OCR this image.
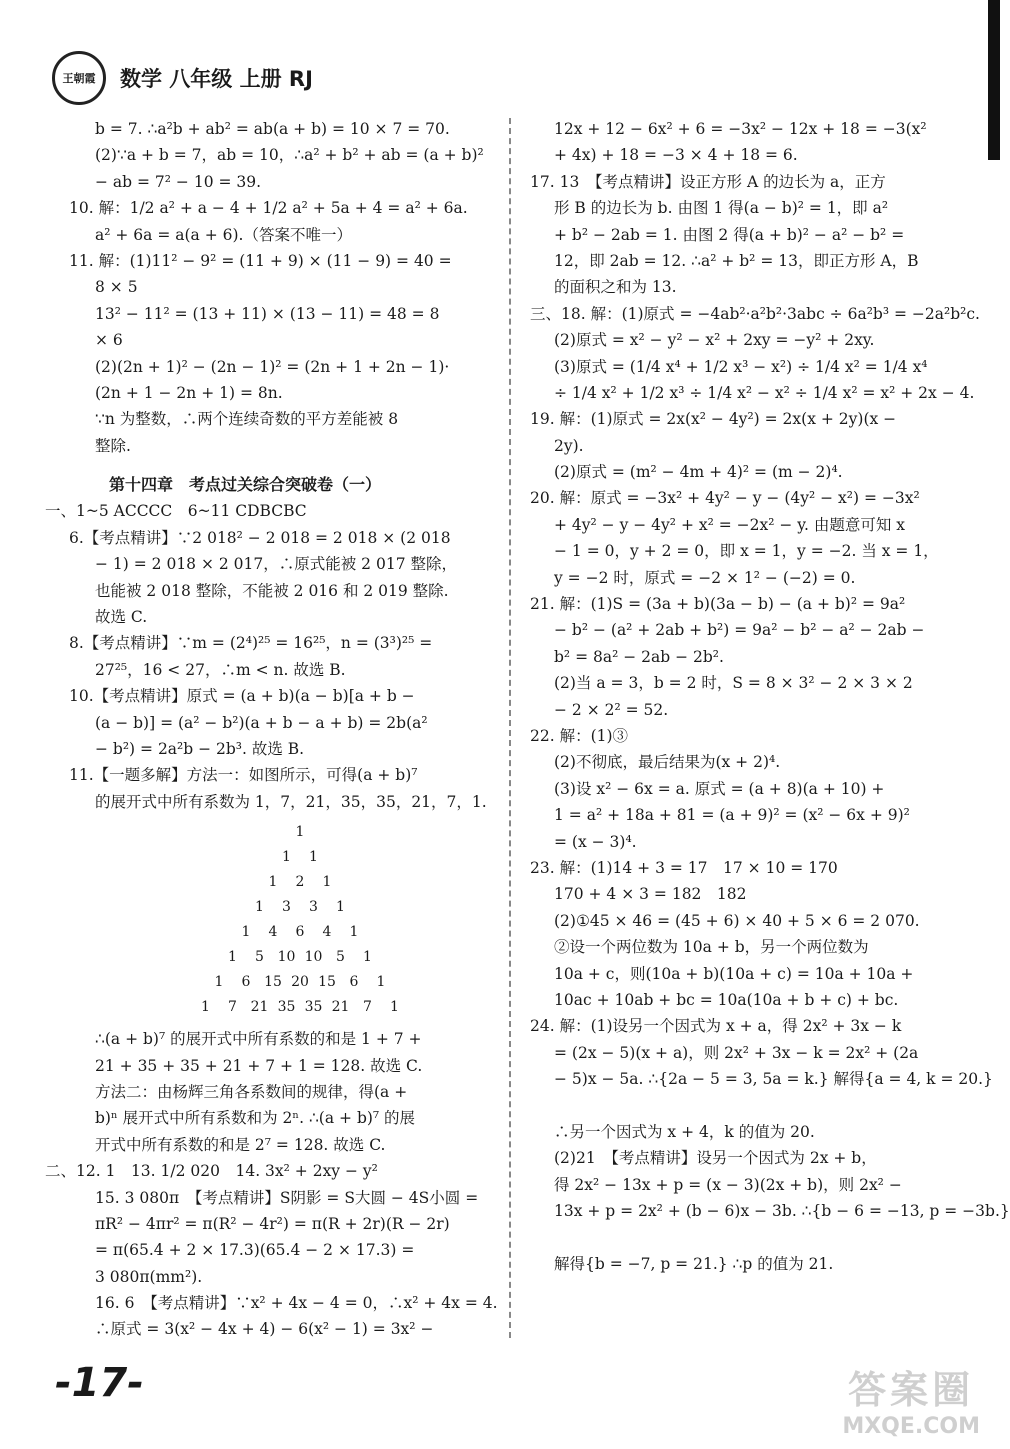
王朝霞	数学 八年级 上册 RJ
b = 7. ∴a²b + ab² = ab(a + b) = 10 × 7 = 70.
(2)∵a + b = 7，ab = 10，∴a² + b² + ab = (a + b)²
− ab = 7² − 10 = 39.
10. 解：1/2 a² + a − 4 + 1/2 a² + 5a + 4 = a² + 6a.
a² + 6a = a(a + 6).（答案不唯一）
11. 解：(1)11² − 9² = (11 + 9) × (11 − 9) = 40 =
8 × 5
13² − 11² = (13 + 11) × (13 − 11) = 48 = 8
× 6
(2)(2n + 1)² − (2n − 1)² = (2n + 1 + 2n − 1)·
(2n + 1 − 2n + 1) = 8n.
∵n 为整数，∴两个连续奇数的平方差能被 8
整除.
第十四章　考点过关综合突破卷（一）
一、1~5 ACCCC　6~11 CDBCBC
6.【考点精讲】∵2 018² − 2 018 = 2 018 × (2 018
− 1) = 2 018 × 2 017，∴原式能被 2 017 整除，
也能被 2 018 整除，不能被 2 016 和 2 019 整除.
故选 C.
8.【考点精讲】∵m = (2⁴)²⁵ = 16²⁵，n = (3³)²⁵ =
27²⁵，16 < 27，∴m < n. 故选 B.
10.【考点精讲】原式 = (a + b)(a − b)[a + b −
(a − b)] = (a² − b²)(a + b − a + b) = 2b(a²
− b²) = 2a²b − 2b³. 故选 B.
11.【一题多解】方法一：如图所示，可得(a + b)⁷
的展开式中所有系数为 1，7，21，35，35，21，7，1.
1
1 1
1 2 1
1 3 3 1
1 4 6 4 1
1 5 10 10 5 1
1 6 15 20 15 6 1
1 7 21 35 35 21 7 1
∴(a + b)⁷ 的展开式中所有系数的和是 1 + 7 +
21 + 35 + 35 + 21 + 7 + 1 = 128. 故选 C.
方法二：由杨辉三角各系数间的规律，得(a +
b)ⁿ 展开式中所有系数和为 2ⁿ. ∴(a + b)⁷ 的展
开式中所有系数的和是 2⁷ = 128. 故选 C.
二、12. 1　13. 1/2 020　14. 3x² + 2xy − y²
15. 3 080π　【考点精讲】S阴影 = S大圆 − 4S小圆 =
πR² − 4πr² = π(R² − 4r²) = π(R + 2r)(R − 2r)
= π(65.4 + 2 × 17.3)(65.4 − 2 × 17.3) =
3 080π(mm²).
16. 6　【考点精讲】∵x² + 4x − 4 = 0，∴x² + 4x = 4.
∴原式 = 3(x² − 4x + 4) − 6(x² − 1) = 3x² −
12x + 12 − 6x² + 6 = −3x² − 12x + 18 = −3(x²
+ 4x) + 18 = −3 × 4 + 18 = 6.
17. 13　【考点精讲】设正方形 A 的边长为 a，正方
形 B 的边长为 b. 由图 1 得(a − b)² = 1，即 a²
+ b² − 2ab = 1. 由图 2 得(a + b)² − a² − b² =
12，即 2ab = 12. ∴a² + b² = 13，即正方形 A，B
的面积之和为 13.
三、18. 解：(1)原式 = −4ab²·a²b²·3abc ÷ 6a²b³ = −2a²b²c.
(2)原式 = x² − y² − x² + 2xy = −y² + 2xy.
(3)原式 = (1/4 x⁴ + 1/2 x³ − x²) ÷ 1/4 x² = 1/4 x⁴
÷ 1/4 x² + 1/2 x³ ÷ 1/4 x² − x² ÷ 1/4 x² = x² + 2x − 4.
19. 解：(1)原式 = 2x(x² − 4y²) = 2x(x + 2y)(x −
2y).
(2)原式 = (m² − 4m + 4)² = (m − 2)⁴.
20. 解：原式 = −3x² + 4y² − y − (4y² − x²) = −3x²
+ 4y² − y − 4y² + x² = −2x² − y. 由题意可知 x
− 1 = 0，y + 2 = 0，即 x = 1，y = −2. 当 x = 1，
y = −2 时，原式 = −2 × 1² − (−2) = 0.
21. 解：(1)S = (3a + b)(3a − b) − (a + b)² = 9a²
− b² − (a² + 2ab + b²) = 9a² − b² − a² − 2ab −
b² = 8a² − 2ab − 2b².
(2)当 a = 3，b = 2 时，S = 8 × 3² − 2 × 3 × 2
− 2 × 2² = 52.
22. 解：(1)③
(2)不彻底，最后结果为(x + 2)⁴.
(3)设 x² − 6x = a. 原式 = (a + 8)(a + 10) +
1 = a² + 18a + 81 = (a + 9)² = (x² − 6x + 9)²
= (x − 3)⁴.
23. 解：(1)14 + 3 = 17　17 × 10 = 170
170 + 4 × 3 = 182　182
(2)①45 × 46 = (45 + 6) × 40 + 5 × 6 = 2 070.
②设一个两位数为 10a + b，另一个两位数为
10a + c，则(10a + b)(10a + c) = 10a + 10a +
10ac + 10ab + bc = 10a(10a + b + c) + bc.
24. 解：(1)设另一个因式为 x + a，得 2x² + 3x − k
= (2x − 5)(x + a)，则 2x² + 3x − k = 2x² + (2a
− 5)x − 5a. ∴{2a − 5 = 3, 5a = k.} 解得{a = 4, k = 20.}
∴另一个因式为 x + 4，k 的值为 20.
(2)21　【考点精讲】设另一个因式为 2x + b，
得 2x² − 13x + p = (x − 3)(2x + b)，则 2x² −
13x + p = 2x² + (b − 6)x − 3b. ∴{b − 6 = −13, p = −3b.}
解得{b = −7, p = 21.} ∴p 的值为 21.
-17-	答案圈
MXQE.COM
